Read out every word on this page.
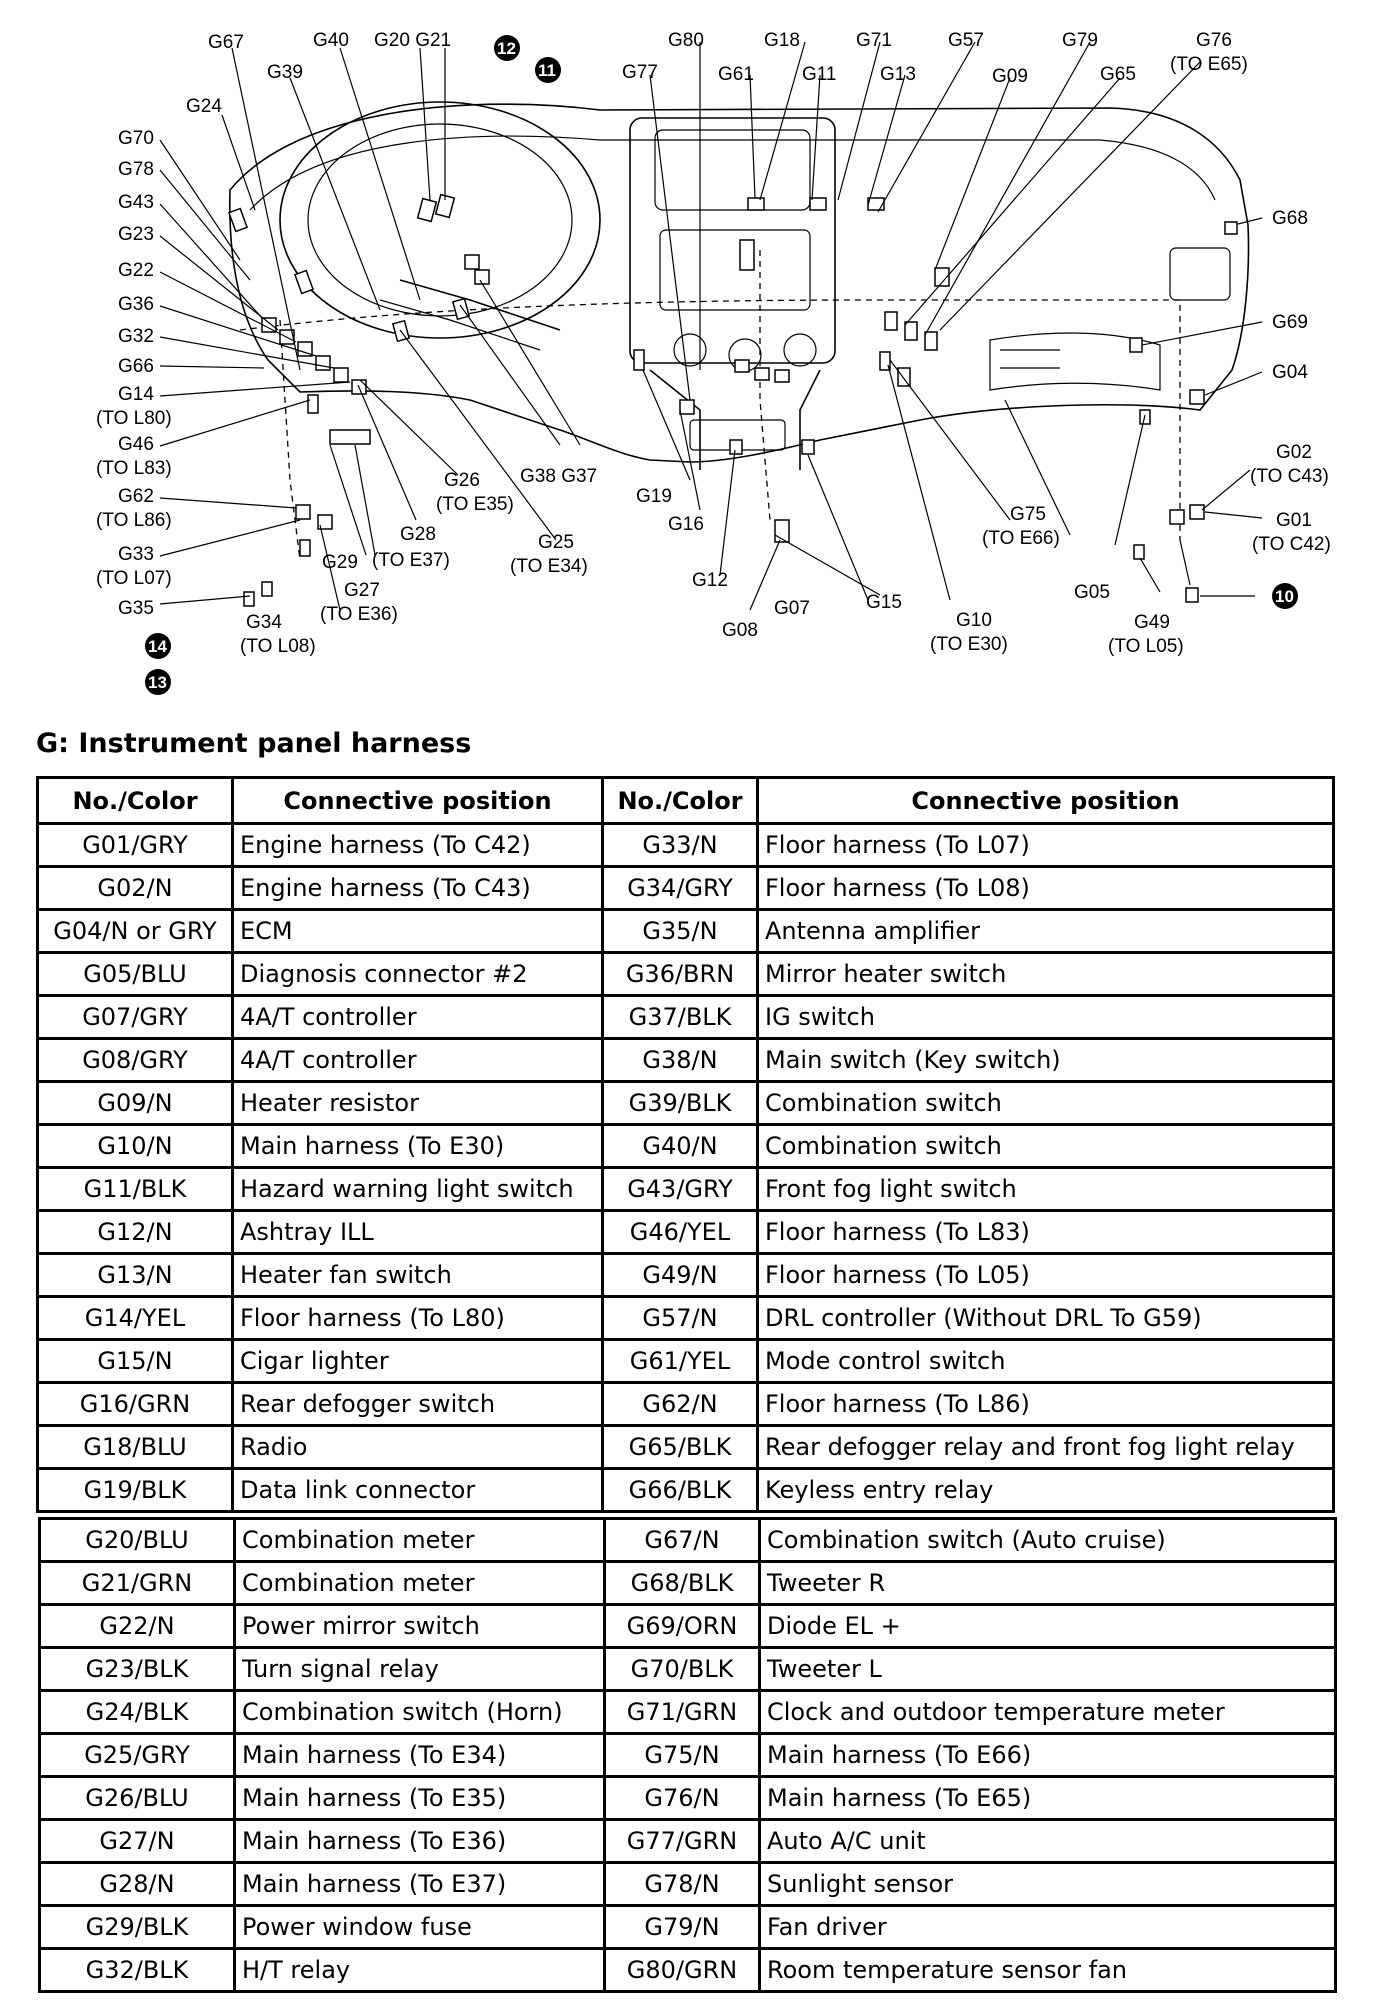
G67	G40 G20 G21
G39
G24
G70
G78
G43
G23
G22
G36
G32
G66
G14
(TO L80)
G46
(TO L83)
G62
(TO L86)
G33
(TO L07)
G35
G34
(TO L08)
G29
G28
(TO E37)
G27
(TO E36)
G26
(TO E35)
G25
(TO E34)
G38 G37
G80
G77	G61
G18
G11
G71
G13
G57
G09
G79
G65
G76
(TO E65)
G68
G69
G04
G02
(TO C43)
G01
(TO C42)
G19
G16
G12
G08
G07	G15
G10
(TO E30)
G75
(TO E66)
G05
G49
(TO L05)
12
11
10
14
13
G: Instrument panel harness
No./Color	Connective position	No./Color	Connective position
G01/GRY	Engine harness (To C42)	G33/N	Floor harness (To L07)
G02/N	Engine harness (To C43)	G34/GRY	Floor harness (To L08)
G04/N or GRY	ECM	G35/N	Antenna amplifier
G05/BLU	Diagnosis connector #2	G36/BRN	Mirror heater switch
G07/GRY	4A/T controller	G37/BLK	IG switch
G08/GRY	4A/T controller	G38/N	Main switch (Key switch)
G09/N	Heater resistor	G39/BLK	Combination switch
G10/N	Main harness (To E30)	G40/N	Combination switch
G11/BLK	Hazard warning light switch	G43/GRY	Front fog light switch
G12/N	Ashtray ILL	G46/YEL	Floor harness (To L83)
G13/N	Heater fan switch	G49/N	Floor harness (To L05)
G14/YEL	Floor harness (To L80)	G57/N	DRL controller (Without DRL To G59)
G15/N	Cigar lighter	G61/YEL	Mode control switch
G16/GRN	Rear defogger switch	G62/N	Floor harness (To L86)
G18/BLU	Radio	G65/BLK	Rear defogger relay and front fog light relay
G19/BLK	Data link connector	G66/BLK	Keyless entry relay
G20/BLU	Combination meter	G67/N	Combination switch (Auto cruise)
G21/GRN	Combination meter	G68/BLK	Tweeter R
G22/N	Power mirror switch	G69/ORN	Diode EL +
G23/BLK	Turn signal relay	G70/BLK	Tweeter L
G24/BLK	Combination switch (Horn)	G71/GRN	Clock and outdoor temperature meter
G25/GRY	Main harness (To E34)	G75/N	Main harness (To E66)
G26/BLU	Main harness (To E35)	G76/N	Main harness (To E65)
G27/N	Main harness (To E36)	G77/GRN	Auto A/C unit
G28/N	Main harness (To E37)	G78/N	Sunlight sensor
G29/BLK	Power window fuse	G79/N	Fan driver
G32/BLK	H/T relay	G80/GRN	Room temperature sensor fan
